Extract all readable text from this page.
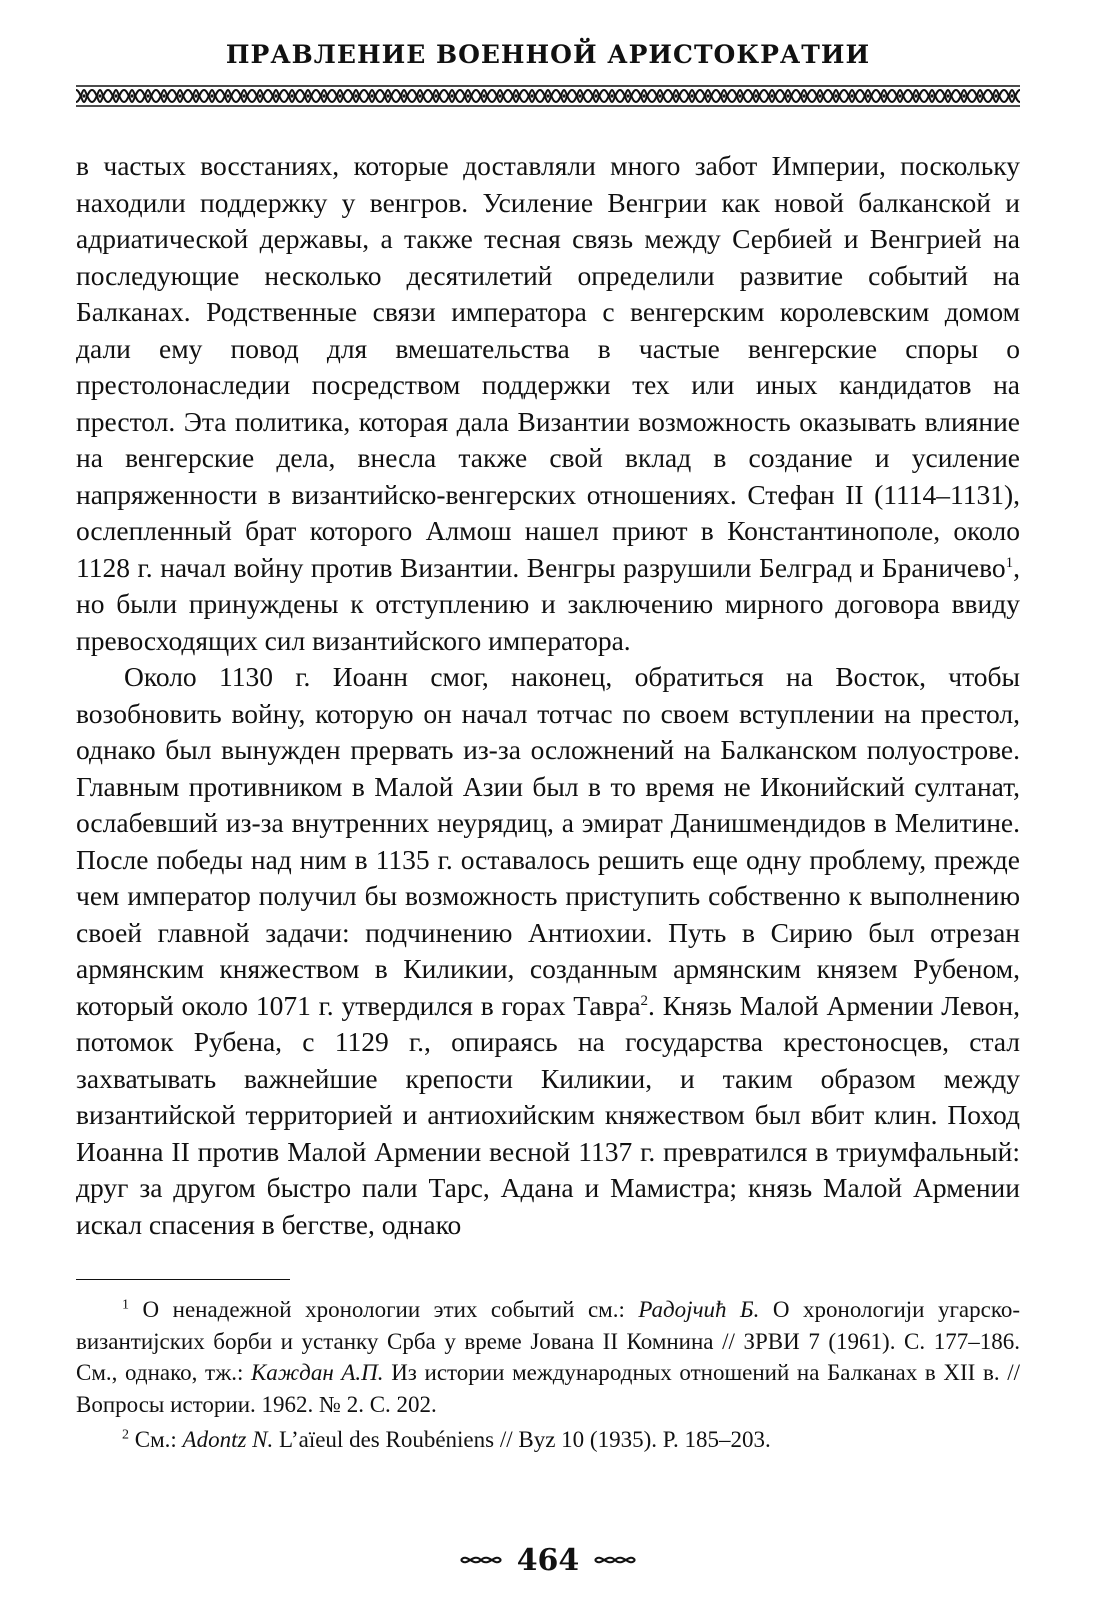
ПРАВЛЕНИЕ ВОЕННОЙ АРИСТОКРАТИИ

в частых восстаниях, которые доставляли много забот Империи, поскольку находили поддержку у венгров. Усиление Венгрии как новой балканской и адриатической державы, а также тесная связь между Сербией и Венгрией на последующие несколько десятилетий определили развитие событий на Балканах. Родственные связи императора с венгерским королевским домом дали ему повод для вмешательства в частые венгерские споры о престолонаследии посредством поддержки тех или иных кандидатов на престол. Эта политика, которая дала Византии возможность оказывать влияние на венгерские дела, внесла также свой вклад в создание и усиление напряженности в византийско-венгерских отношениях. Стефан II (1114–1131), ослепленный брат которого Алмош нашел приют в Константинополе, около 1128 г. начал войну против Византии. Венгры разрушили Белград и Браничево$^1$, но были принуждены к отступлению и заключению мирного договора ввиду превосходящих сил византийского императора.

Около 1130 г. Иоанн смог, наконец, обратиться на Восток, чтобы возобновить войну, которую он начал тотчас по своем вступлении на престол, однако был вынужден прервать из-за осложнений на Балканском полуострове. Главным противником в Малой Азии был в то время не Иконийский султанат, ослабевший из-за внутренних неурядиц, а эмират Данишмендидов в Мелитине. После победы над ним в 1135 г. оставалось решить еще одну проблему, прежде чем император получил бы возможность приступить собственно к выполнению своей главной задачи: подчинению Антиохии. Путь в Сирию был отрезан армянским княжеством в Киликии, созданным армянским князем Рубеном, который около 1071 г. утвердился в горах Тавра$^2$. Князь Малой Армении Левон, потомок Рубена, с 1129 г., опираясь на государства крестоносцев, стал захватывать важнейшие крепости Киликии, и таким образом между византийской территорией и антиохийским княжеством был вбит клин. Поход Иоанна II против Малой Армении весной 1137 г. превратился в триумфальный: друг за другом быстро пали Тарс, Адана и Мамистра; князь Малой Армении искал спасения в бегстве, однако

$^1$ О ненадежной хронологии этих событий см.: Радојчић Б. О хронологији угарско-византијских борби и устанку Срба у време Јована II Комнина // ЗРВИ 7 (1961). С. 177–186. См., однако, тж.: Каждан А.П. Из истории международных отношений на Балканах в XII в. // Вопросы истории. 1962. № 2. С. 202.

$^2$ См.: Adontz N. L’aïeul des Roubéniens // Byz 10 (1935). P. 185–203.

464
